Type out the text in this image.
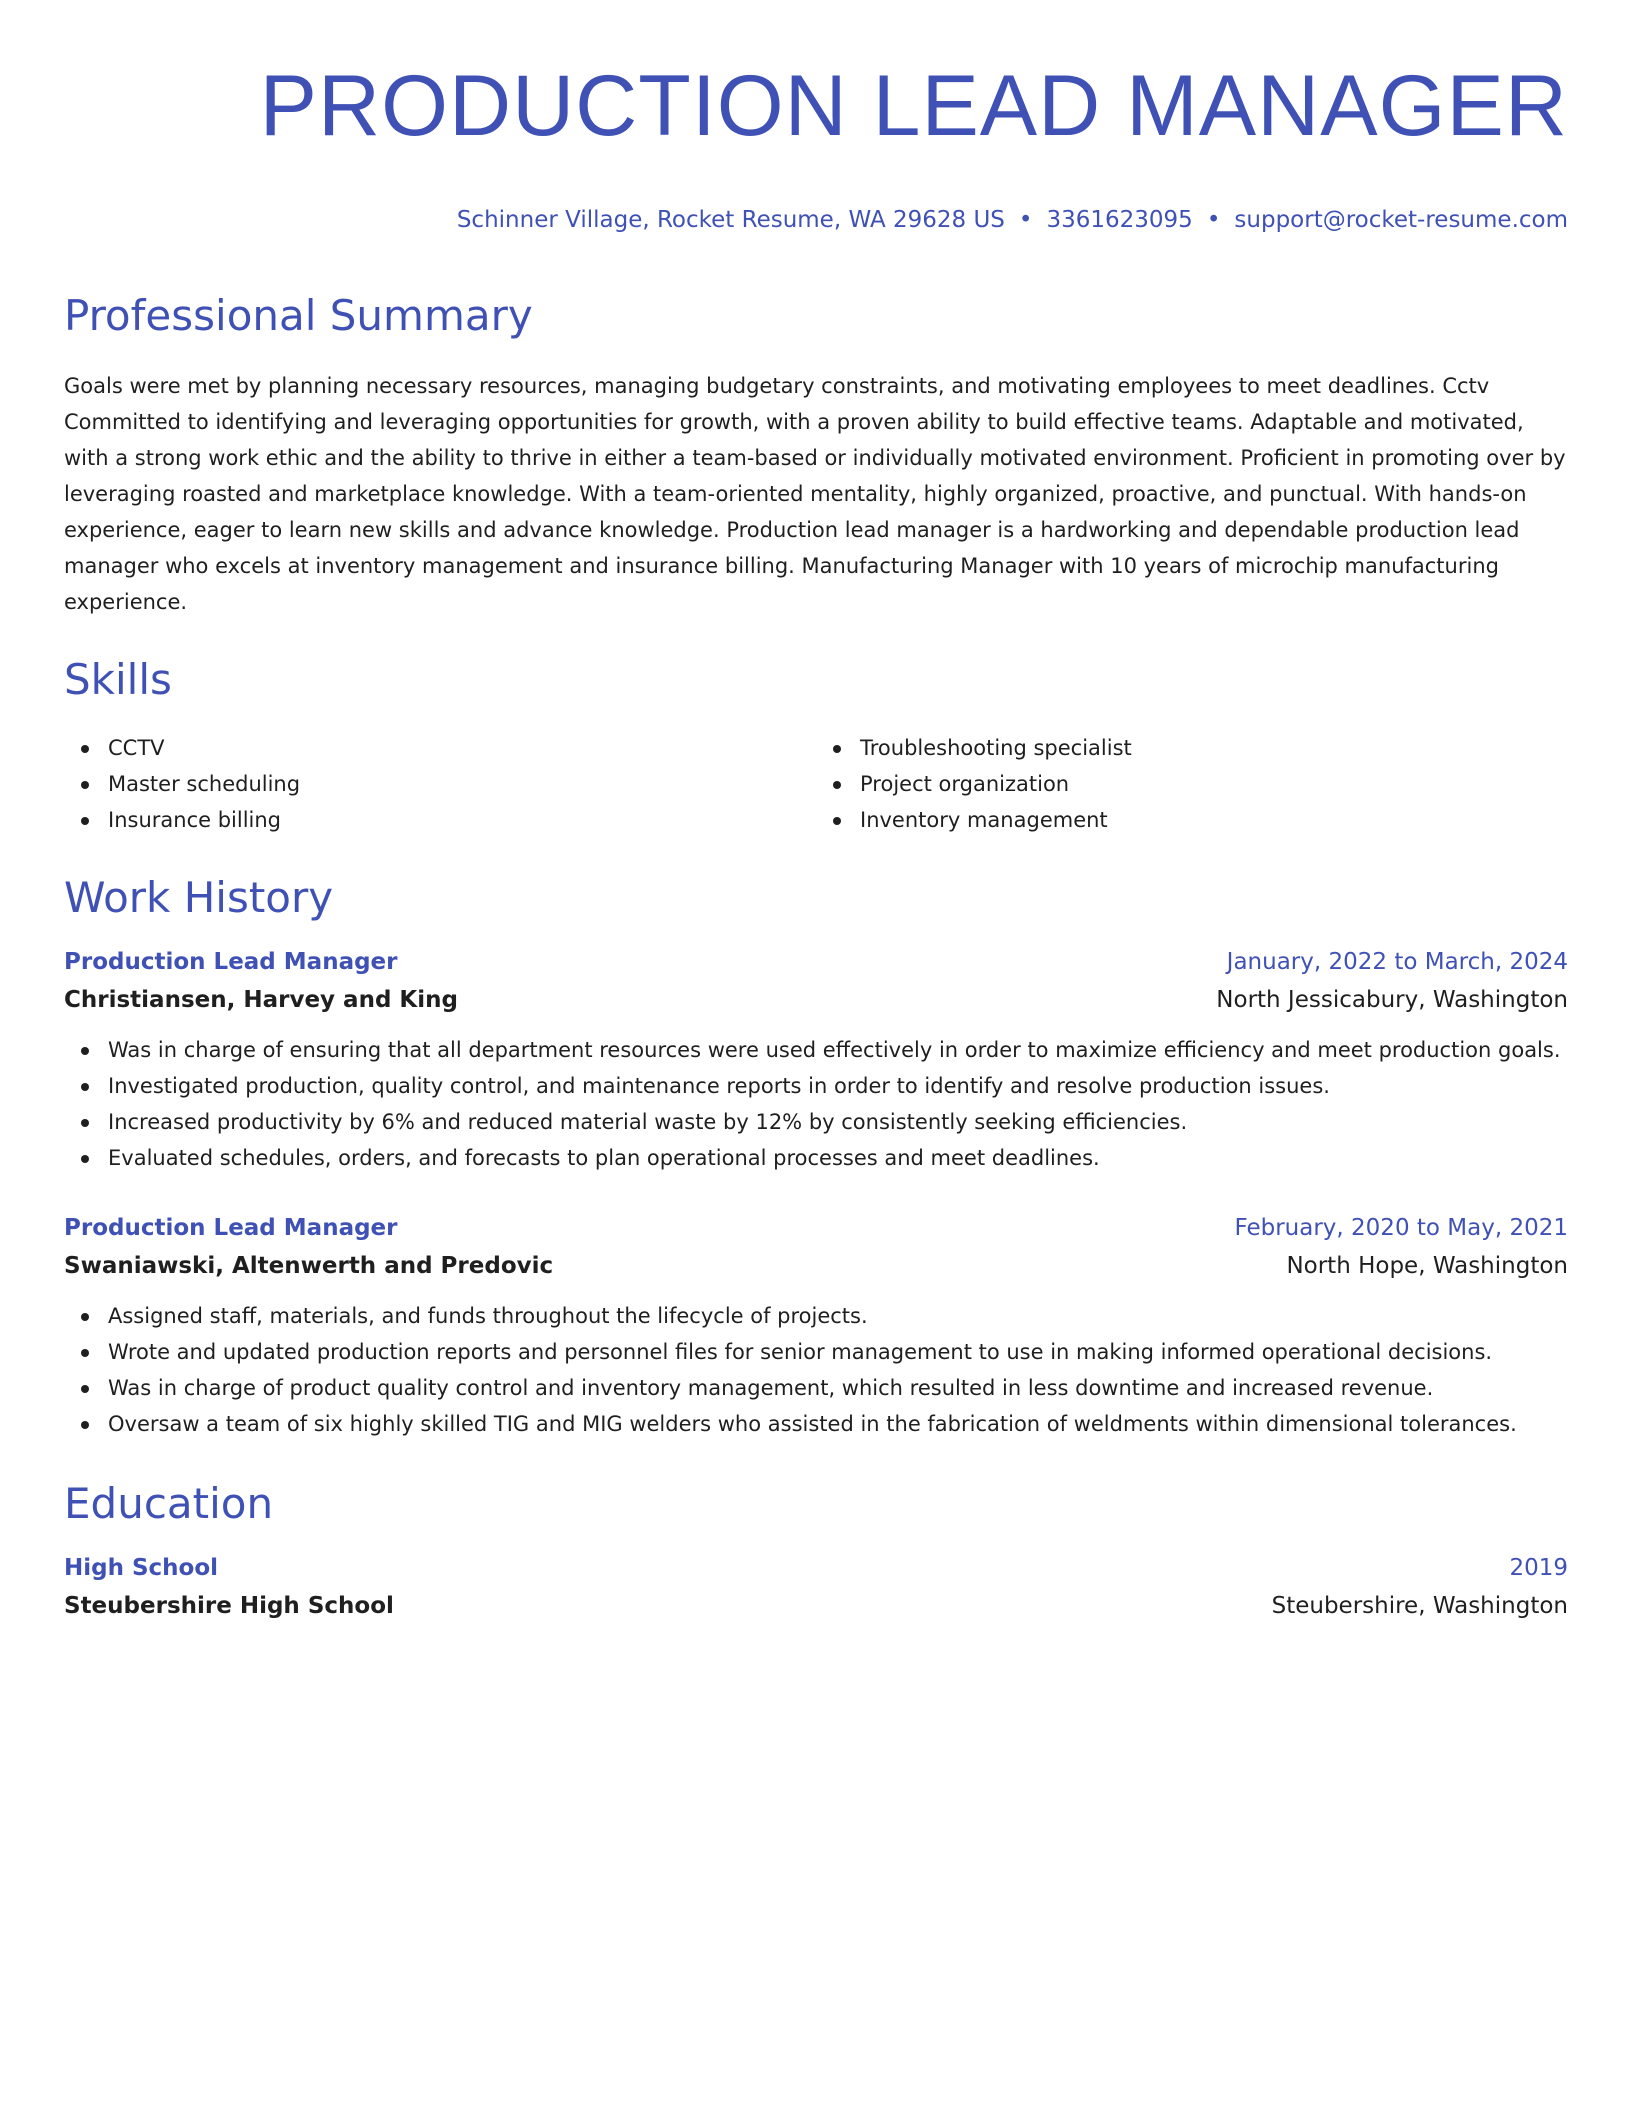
PRODUCTION LEAD MANAGER
Schinner Village, Rocket Resume, WA 29628 US • 3361623095 • support@rocket-resume.com
Professional Summary
Goals were met by planning necessary resources, managing budgetary constraints, and motivating employees to meet deadlines. Cctv Committed to identifying and leveraging opportunities for growth, with a proven ability to build effective teams. Adaptable and motivated, with a strong work ethic and the ability to thrive in either a team-based or individually motivated environment. Proficient in promoting over by leveraging roasted and marketplace knowledge. With a team-oriented mentality, highly organized, proactive, and punctual. With hands-on experience, eager to learn new skills and advance knowledge. Production lead manager is a hardworking and dependable production lead manager who excels at inventory management and insurance billing. Manufacturing Manager with 10 years of microchip manufacturing experience.
Skills
CCTV
Master scheduling
Insurance billing
Troubleshooting specialist
Project organization
Inventory management
Work History
Production Lead Manager	January, 2022 to March, 2024
Christiansen, Harvey and King	North Jessicabury, Washington
Was in charge of ensuring that all department resources were used effectively in order to maximize efficiency and meet production goals.
Investigated production, quality control, and maintenance reports in order to identify and resolve production issues.
Increased productivity by 6% and reduced material waste by 12% by consistently seeking efficiencies.
Evaluated schedules, orders, and forecasts to plan operational processes and meet deadlines.
Production Lead Manager	February, 2020 to May, 2021
Swaniawski, Altenwerth and Predovic	North Hope, Washington
Assigned staff, materials, and funds throughout the lifecycle of projects.
Wrote and updated production reports and personnel files for senior management to use in making informed operational decisions.
Was in charge of product quality control and inventory management, which resulted in less downtime and increased revenue.
Oversaw a team of six highly skilled TIG and MIG welders who assisted in the fabrication of weldments within dimensional tolerances.
Education
High School	2019
Steubershire High School	Steubershire, Washington
